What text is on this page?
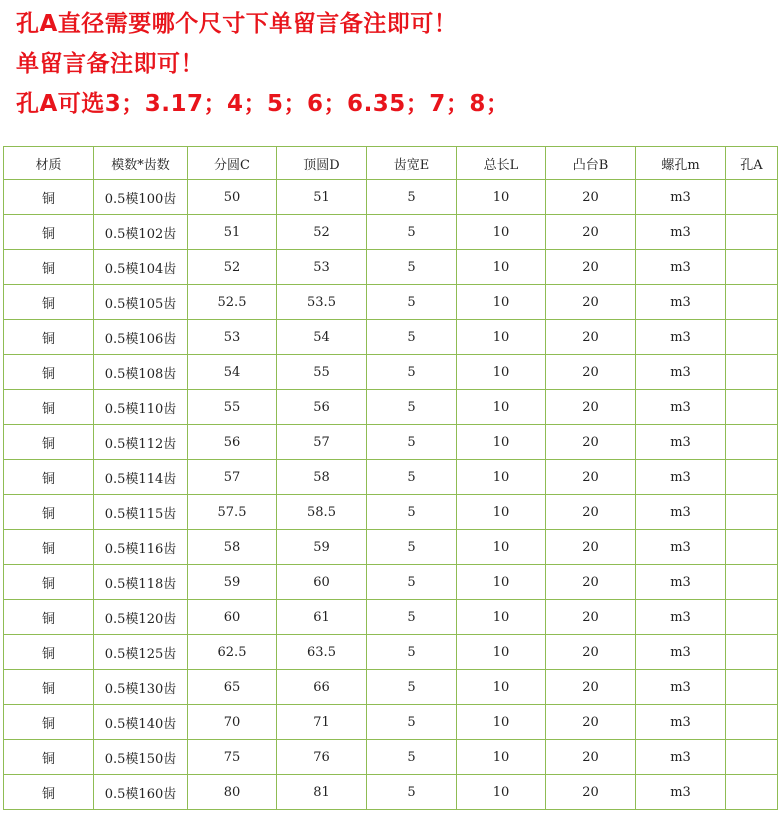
孔A直径需要哪个尺寸下单留言备注即可！
单留言备注即可！
孔A可选3；3.17；4；5；6；6.35；7；8；
材质	模数*齿数	分圆C	顶圆D	齿宽E	总长L	凸台B	螺孔m	孔A
铜	0.5模100齿	50	51	5	10	20	m3	
铜	0.5模102齿	51	52	5	10	20	m3	
铜	0.5模104齿	52	53	5	10	20	m3	
铜	0.5模105齿	52.5	53.5	5	10	20	m3	
铜	0.5模106齿	53	54	5	10	20	m3	
铜	0.5模108齿	54	55	5	10	20	m3	
铜	0.5模110齿	55	56	5	10	20	m3	
铜	0.5模112齿	56	57	5	10	20	m3	
铜	0.5模114齿	57	58	5	10	20	m3	
铜	0.5模115齿	57.5	58.5	5	10	20	m3	
铜	0.5模116齿	58	59	5	10	20	m3	
铜	0.5模118齿	59	60	5	10	20	m3	
铜	0.5模120齿	60	61	5	10	20	m3	
铜	0.5模125齿	62.5	63.5	5	10	20	m3	
铜	0.5模130齿	65	66	5	10	20	m3	
铜	0.5模140齿	70	71	5	10	20	m3	
铜	0.5模150齿	75	76	5	10	20	m3	
铜	0.5模160齿	80	81	5	10	20	m3	
